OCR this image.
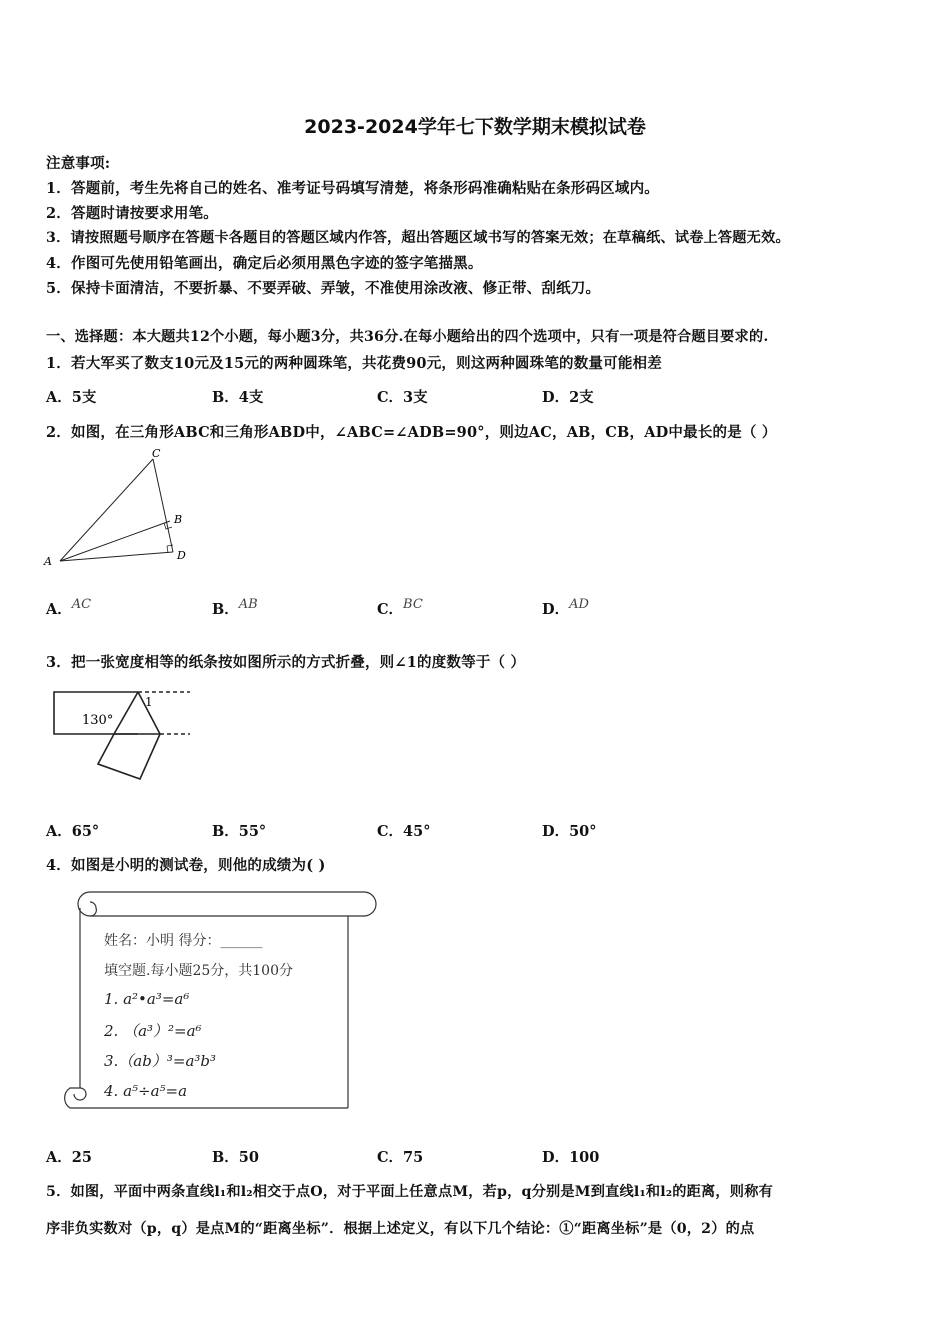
2023-2024学年七下数学期末模拟试卷
注意事项:
1．答题前，考生先将自己的姓名、准考证号码填写清楚，将条形码准确粘贴在条形码区域内。
2．答题时请按要求用笔。
3．请按照题号顺序在答题卡各题目的答题区域内作答，超出答题区域书写的答案无效；在草稿纸、试卷上答题无效。
4．作图可先使用铅笔画出，确定后必须用黑色字迹的签字笔描黑。
5．保持卡面清洁，不要折暴、不要弄破、弄皱，不准使用涂改液、修正带、刮纸刀。
一、选择题：本大题共12个小题，每小题3分，共36分.在每小题给出的四个选项中，只有一项是符合题目要求的.
1．若大军买了数支10元及15元的两种圆珠笔，共花费90元，则这两种圆珠笔的数量可能相差
A．5支	B．4支	C．3支	D．2支
2．如图，在三角形ABC和三角形ABD中，∠ABC=∠ADB=90°，则边AC，AB，CB，AD中最长的是（ ）
C
B
A	D
A．AC	B．AB	C．BC	D．AD
3．把一张宽度相等的纸条按如图所示的方式折叠，则∠1的度数等于（ ）
130°
1
A．65°	B．55°	C．45°	D．50°
4．如图是小明的测试卷，则他的成绩为( )
姓名：小明 得分：______
填空题.每小题25分，共100分
1. a²•a³=a⁶
2. （a³）²=a⁶
3.（ab）³=a³b³
4. a⁵÷a⁵=a
A．25	B．50	C．75	D．100
5．如图，平面中两条直线l₁和l₂相交于点O，对于平面上任意点M，若p，q分别是M到直线l₁和l₂的距离，则称有
序非负实数对（p，q）是点M的“距离坐标”．根据上述定义，有以下几个结论：①“距离坐标”是（0，2）的点
